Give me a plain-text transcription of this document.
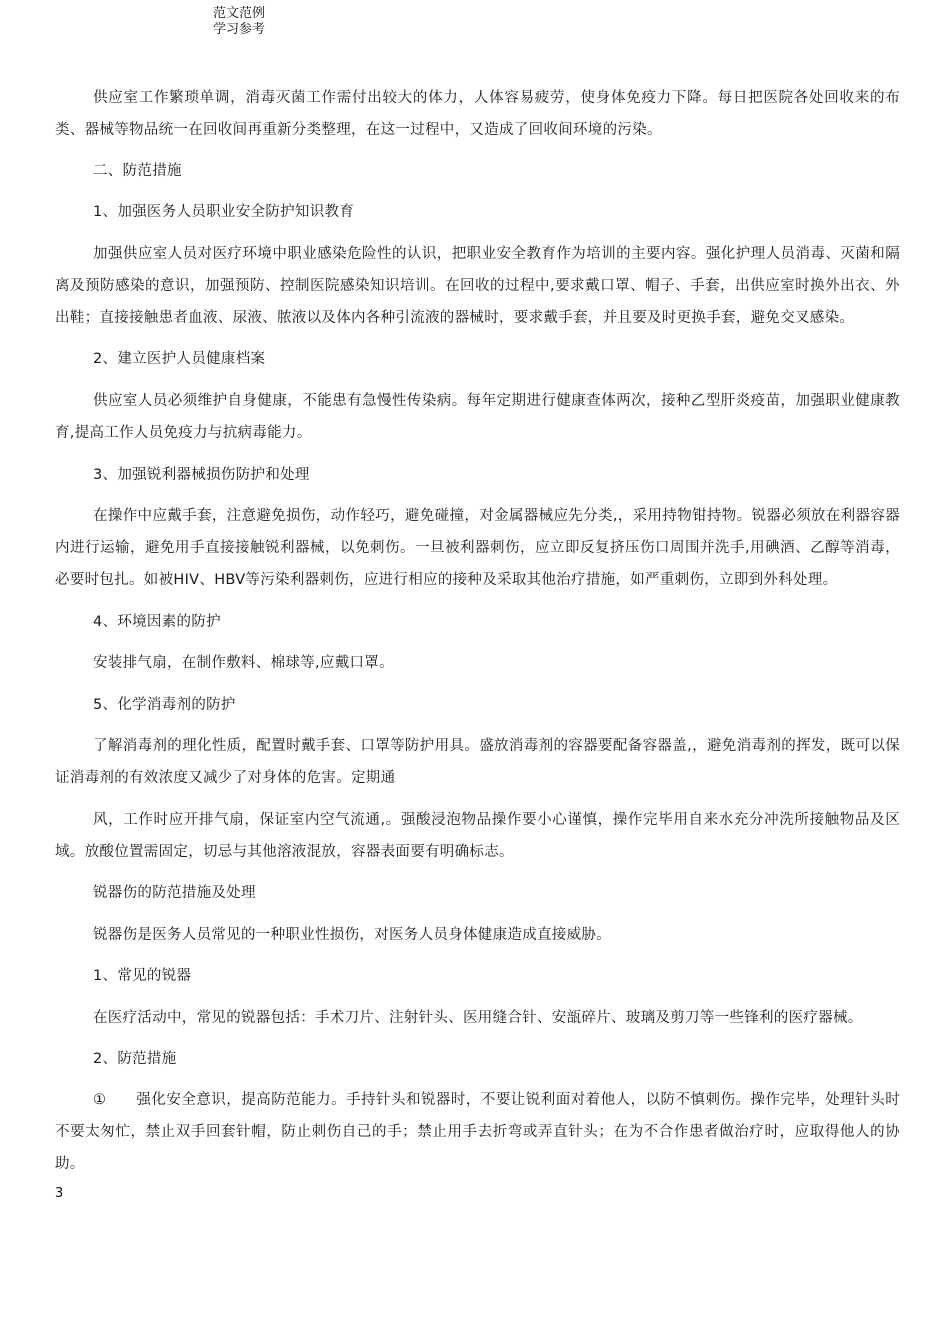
范文范例学习参考

供应室工作繁琐单调，消毒灭菌工作需付出较大的体力，人体容易疲劳，使身体免疫力下降。每日把医院各处回收来的布类、器械等物品统一在回收间再重新分类整理，在这一过程中，又造成了回收间环境的污染。

二、防范措施

1、加强医务人员职业安全防护知识教育

加强供应室人员对医疗环境中职业感染危险性的认识，把职业安全教育作为培训的主要内容。强化护理人员消毒、灭菌和隔离及预防感染的意识，加强预防、控制医院感染知识培训。在回收的过程中,要求戴口罩、帽子、手套，出供应室时换外出衣、外出鞋；直接接触患者血液、尿液、脓液以及体内各种引流液的器械时，要求戴手套，并且要及时更换手套，避免交叉感染。

2、建立医护人员健康档案

供应室人员必须维护自身健康，不能患有急慢性传染病。每年定期进行健康查体两次，接种乙型肝炎疫苗，加强职业健康教育,提高工作人员免疫力与抗病毒能力。

3、加强锐利器械损伤防护和处理

在操作中应戴手套，注意避免损伤，动作轻巧，避免碰撞，对金属器械应先分类,，采用持物钳持物。锐器必须放在利器容器内进行运输，避免用手直接接触锐利器械，以免刺伤。一旦被利器刺伤，应立即反复挤压伤口周围并洗手,用碘酒、乙醇等消毒，必要时包扎。如被HIV、HBV等污染利器刺伤，应进行相应的接种及采取其他治疗措施，如严重刺伤，立即到外科处理。

4、环境因素的防护

安装排气扇，在制作敷料、棉球等,应戴口罩。

5、化学消毒剂的防护

了解消毒剂的理化性质，配置时戴手套、口罩等防护用具。盛放消毒剂的容器要配备容器盖,，避免消毒剂的挥发，既可以保证消毒剂的有效浓度又减少了对身体的危害。定期通

风，工作时应开排气扇，保证室内空气流通,。强酸浸泡物品操作要小心谨慎，操作完毕用自来水充分冲洗所接触物品及区域。放酸位置需固定，切忌与其他溶液混放，容器表面要有明确标志。

锐器伤的防范措施及处理

锐器伤是医务人员常见的一种职业性损伤，对医务人员身体健康造成直接威胁。

1、常见的锐器

在医疗活动中，常见的锐器包括：手术刀片、注射针头、医用缝合针、安瓿碎片、玻璃及剪刀等一些锋利的医疗器械。

2、防范措施

①　　强化安全意识，提高防范能力。手持针头和锐器时，不要让锐利面对着他人，以防不慎刺伤。操作完毕，处理针头时不要太匆忙，禁止双手回套针帽，防止刺伤自己的手；禁止用手去折弯或弄直针头；在为不合作患者做治疗时，应取得他人的协助。

3
